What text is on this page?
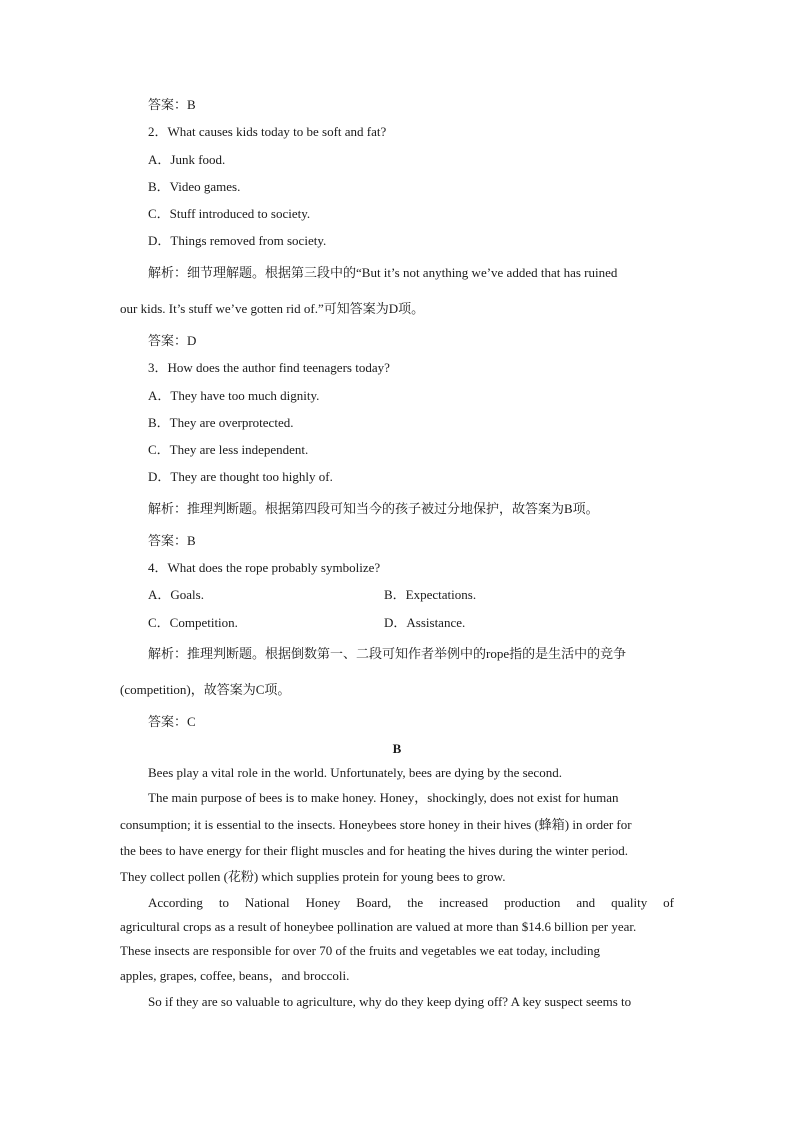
答案：B
2．What causes kids today to be soft and fat?
A．Junk food.
B．Video games.
C．Stuff introduced to society.
D．Things removed from society.
解析：细节理解题。根据第三段中的“But it’s not anything we’ve added that has ruined
our kids. It’s stuff we’ve gotten rid of.”可知答案为D项。
答案：D
3．How does the author find teenagers today?
A．They have too much dignity.
B．They are overprotected.
C．They are less independent.
D．They are thought too highly of.
解析：推理判断题。根据第四段可知当今的孩子被过分地保护，故答案为B项。
答案：B
4．What does the rope probably symbolize?
A．Goals.	B．Expectations.
C．Competition.	D．Assistance.
解析：推理判断题。根据倒数第一、二段可知作者举例中的rope指的是生活中的竞争
(competition)，故答案为C项。
答案：C
B
Bees play a vital role in the world. Unfortunately, bees are dying by the second.
The main purpose of bees is to make honey. Honey，shockingly, does not exist for human
consumption; it is essential to the insects. Honeybees store honey in their hives (蜂箱) in order for
the bees to have energy for their flight muscles and for heating the hives during the winter period.
They collect pollen (花粉) which supplies protein for young bees to grow.
According to National Honey Board, the increased production and quality of
agricultural crops as a result of honeybee pollination are valued at more than $14.6 billion per year.
These insects are responsible for over 70 of the fruits and vegetables we eat today, including
apples, grapes, coffee, beans，and broccoli.
So if they are so valuable to agriculture, why do they keep dying off? A key suspect seems to
